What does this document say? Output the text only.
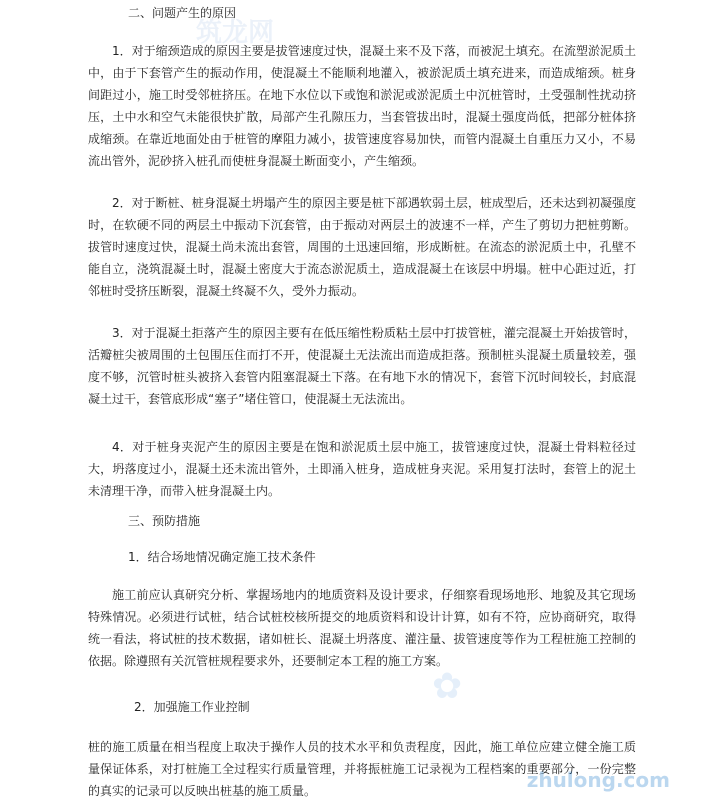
筑龙网
二、问题产生的原因

1．对于缩颈造成的原因主要是拔管速度过快，混凝土来不及下落，而被泥土填充。在流塑淤泥质土中，由于下套管产生的振动作用，使混凝土不能顺利地灌入，被淤泥质土填充进来，而造成缩颈。桩身间距过小，施工时受邻桩挤压。在地下水位以下或饱和淤泥或淤泥质土中沉桩管时，土受强制性扰动挤压，土中水和空气未能很快扩散，局部产生孔隙压力，当套管拔出时，混凝土强度尚低，把部分桩体挤成缩颈。在靠近地面处由于桩管的摩阻力减小，拔管速度容易加快，而管内混凝土自重压力又小，不易流出管外，泥砂挤入桩孔而使桩身混凝土断面变小，产生缩颈。

2．对于断桩、桩身混凝土坍塌产生的原因主要是桩下部遇软弱土层，桩成型后，还未达到初凝强度时，在软硬不同的两层土中振动下沉套管，由于振动对两层土的波速不一样，产生了剪切力把桩剪断。拔管时速度过快，混凝土尚未流出套管，周围的土迅速回缩，形成断桩。在流态的淤泥质土中，孔壁不能自立，浇筑混凝土时，混凝土密度大于流态淤泥质土，造成混凝土在该层中坍塌。桩中心距过近，打邻桩时受挤压断裂，混凝土终凝不久，受外力振动。

3．对于混凝土拒落产生的原因主要有在低压缩性粉质粘土层中打拔管桩，灌完混凝土开始拔管时，活瓣桩尖被周围的土包围压住而打不开，使混凝土无法流出而造成拒落。预制桩头混凝土质量较差，强度不够，沉管时桩头被挤入套管内阻塞混凝土下落。在有地下水的情况下，套管下沉时间较长，封底混凝土过干，套管底形成“塞子”堵住管口，使混凝土无法流出。

4．对于桩身夹泥产生的原因主要是在饱和淤泥质土层中施工，拔管速度过快，混凝土骨料粒径过大，坍落度过小，混凝土还未流出管外，土即涌入桩身，造成桩身夹泥。采用复打法时，套管上的泥土未清理干净，而带入桩身混凝土内。

三、预防措施
1．结合场地情况确定施工技术条件

施工前应认真研究分析、掌握场地内的地质资料及设计要求，仔细察看现场地形、地貌及其它现场特殊情况。必须进行试桩，结合试桩校核所提交的地质资料和设计计算，如有不符，应协商研究，取得统一看法，将试桩的技术数据，诸如桩长、混凝土坍落度、灌注量、拔管速度等作为工程桩施工控制的依据。除遵照有关沉管桩规程要求外，还要制定本工程的施工方案。

✿
2．加强施工作业控制

桩的施工质量在相当程度上取决于操作人员的技术水平和负责程度，因此，施工单位应建立健全施工质量保证体系，对打桩施工全过程实行质量管理，并将振桩施工记录视为工程档案的重要部分，一份完整的真实的记录可以反映出桩基的施工质量。	zhulong.com
